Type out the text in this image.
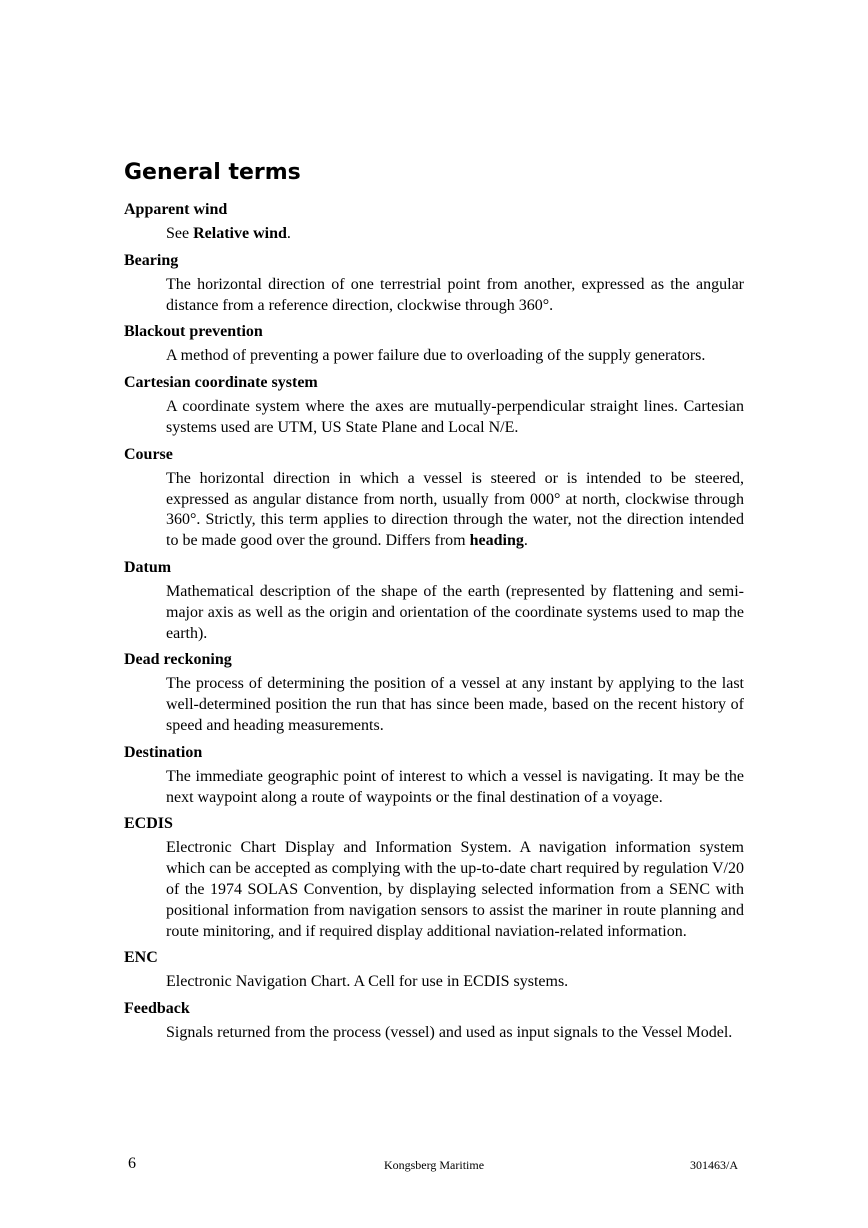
General terms
Apparent wind
See Relative wind.
Bearing
The horizontal direction of one terrestrial point from another, expressed as the angular distance from a reference direction, clockwise through 360°.
Blackout prevention
A method of preventing a power failure due to overloading of the supply generators.
Cartesian coordinate system
A coordinate system where the axes are mutually-perpendicular straight lines. Cartesian systems used are UTM, US State Plane and Local N/E.
Course
The horizontal direction in which a vessel is steered or is intended to be steered, expressed as angular distance from north, usually from 000° at north, clockwise through 360°. Strictly, this term applies to direction through the water, not the direction intended to be made good over the ground. Differs from heading.
Datum
Mathematical description of the shape of the earth (represented by flattening and semi-major axis as well as the origin and orientation of the coordinate systems used to map the earth).
Dead reckoning
The process of determining the position of a vessel at any instant by applying to the last well-determined position the run that has since been made, based on the recent history of speed and heading measurements.
Destination
The immediate geographic point of interest to which a vessel is navigating. It may be the next waypoint along a route of waypoints or the final destination of a voyage.
ECDIS
Electronic Chart Display and Information System. A navigation information system which can be accepted as complying with the up-to-date chart required by regulation V/20 of the 1974 SOLAS Convention, by displaying selected information from a SENC with positional information from navigation sensors to assist the mariner in route planning and route minitoring, and if required display additional naviation-related information.
ENC
Electronic Navigation Chart. A Cell for use in ECDIS systems.
Feedback
Signals returned from the process (vessel) and used as input signals to the Vessel Model.
6	Kongsberg Maritime	301463/A
